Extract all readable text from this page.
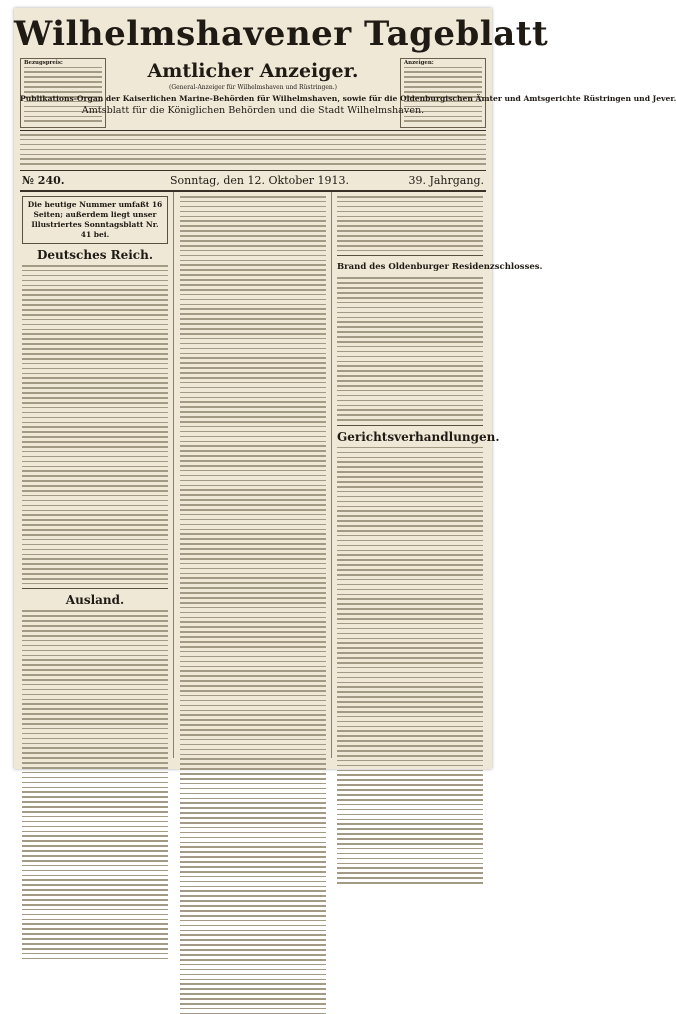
Wilhelmshavener Tageblatt
Bezugspreis:	Anzeigen:
Amtlicher Anzeiger.
(General-Anzeiger für Wilhelmshaven und Rüstringen.)
Publikations-Organ der Kaiserlichen Marine-Behörden für Wilhelmshaven, sowie für die Oldenburgischen Ämter und Amtsgerichte Rüstringen und Jever.
Amtsblatt für die Königlichen Behörden und die Stadt Wilhelmshaven.
№ 240.	Sonntag, den 12. Oktober 1913.	39. Jahrgang.
Die heutige Nummer umfaßt 16 Seiten; außerdem liegt unser Illustriertes Sonntagsblatt Nr. 41 bei.
Deutsches Reich.
Ausland.
Brand des Oldenburger Residenzschlosses.
Gerichtsverhandlungen.
